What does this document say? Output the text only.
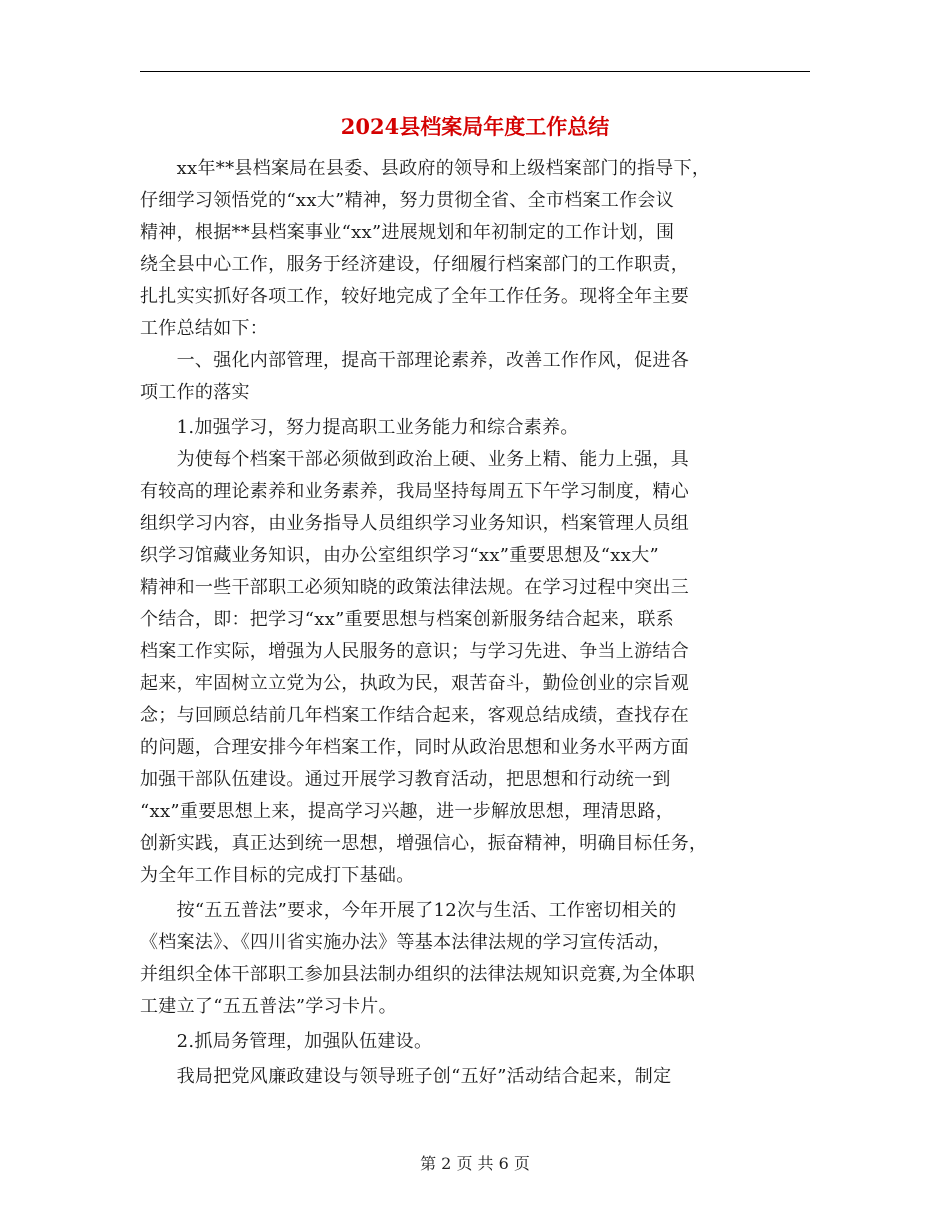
2024县档案局年度工作总结
　　xx年**县档案局在县委、县政府的领导和上级档案部门的指导下，
仔细学习领悟党的“xx大”精神，努力贯彻全省、全市档案工作会议
精神，根据**县档案事业“xx”进展规划和年初制定的工作计划，围
绕全县中心工作，服务于经济建设，仔细履行档案部门的工作职责，
扎扎实实抓好各项工作，较好地完成了全年工作任务。现将全年主要
工作总结如下：
　　一、强化内部管理，提高干部理论素养，改善工作作风，促进各
项工作的落实
　　1.加强学习，努力提高职工业务能力和综合素养。
　　为使每个档案干部必须做到政治上硬、业务上精、能力上强，具
有较高的理论素养和业务素养，我局坚持每周五下午学习制度，精心
组织学习内容，由业务指导人员组织学习业务知识，档案管理人员组
织学习馆藏业务知识，由办公室组织学习“xx”重要思想及“xx大”
精神和一些干部职工必须知晓的政策法律法规。在学习过程中突出三
个结合，即：把学习“xx”重要思想与档案创新服务结合起来，联系
档案工作实际，增强为人民服务的意识；与学习先进、争当上游结合
起来，牢固树立立党为公，执政为民，艰苦奋斗，勤俭创业的宗旨观
念；与回顾总结前几年档案工作结合起来，客观总结成绩，查找存在
的问题，合理安排今年档案工作，同时从政治思想和业务水平两方面
加强干部队伍建设。通过开展学习教育活动，把思想和行动统一到
“xx”重要思想上来，提高学习兴趣，进一步解放思想，理清思路，
创新实践，真正达到统一思想，增强信心，振奋精神，明确目标任务，
为全年工作目标的完成打下基础。
　　按“五五普法”要求，今年开展了12次与生活、工作密切相关的
《档案法》、《四川省实施办法》等基本法律法规的学习宣传活动，
并组织全体干部职工参加县法制办组织的法律法规知识竞赛,为全体职
工建立了“五五普法”学习卡片。
　　2.抓局务管理，加强队伍建设。
　　我局把党风廉政建设与领导班子创“五好”活动结合起来，制定
第 2 页 共 6 页
